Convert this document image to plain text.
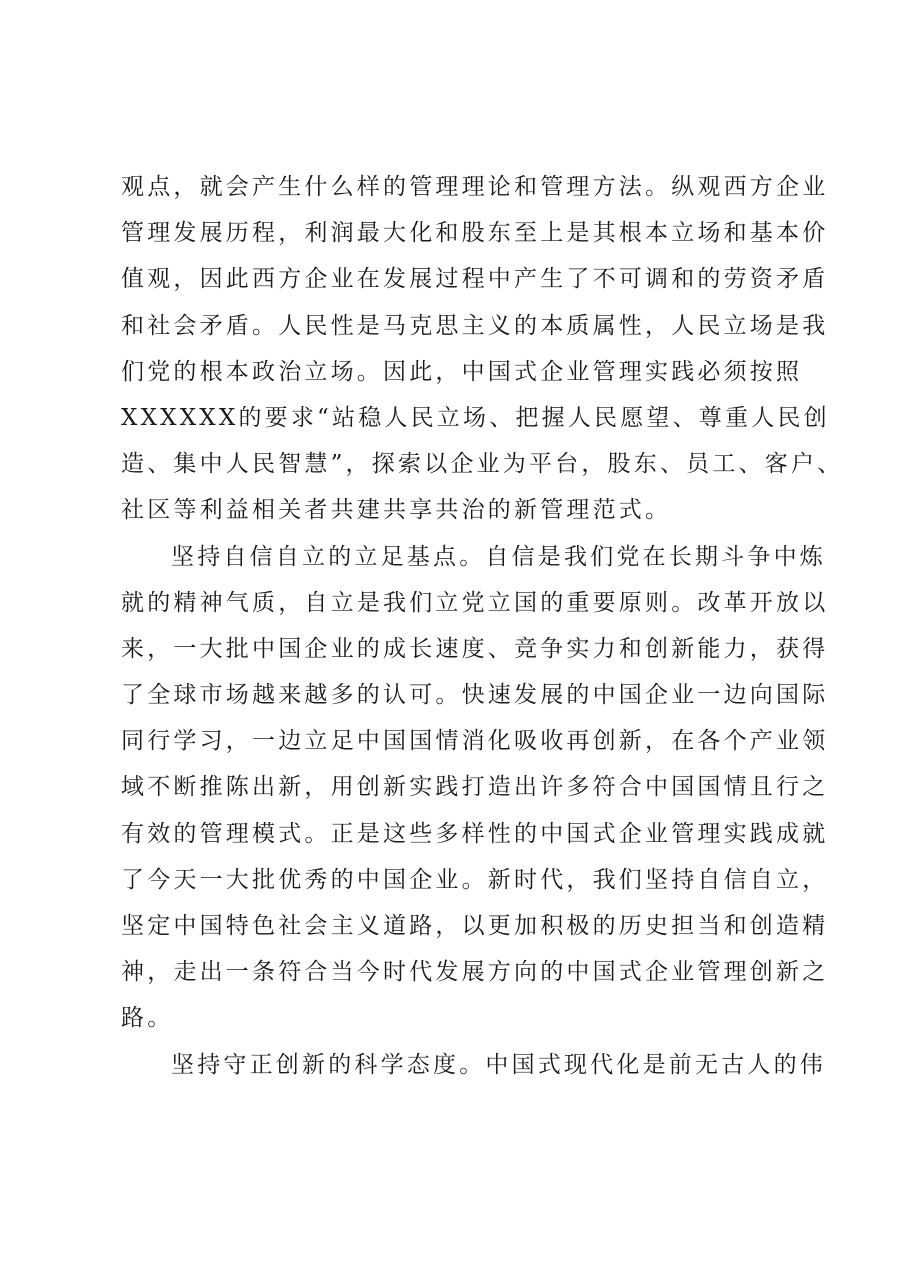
观点，就会产生什么样的管理理论和管理方法。纵观西方企业
管理发展历程，利润最大化和股东至上是其根本立场和基本价
值观，因此西方企业在发展过程中产生了不可调和的劳资矛盾
和社会矛盾。人民性是马克思主义的本质属性，人民立场是我
们党的根本政治立场。因此，中国式企业管理实践必须按照
XXXXXX的要求“站稳人民立场、把握人民愿望、尊重人民创
造、集中人民智慧”，探索以企业为平台，股东、员工、客户、
社区等利益相关者共建共享共治的新管理范式。
坚持自信自立的立足基点。自信是我们党在长期斗争中炼
就的精神气质，自立是我们立党立国的重要原则。改革开放以
来，一大批中国企业的成长速度、竞争实力和创新能力，获得
了全球市场越来越多的认可。快速发展的中国企业一边向国际
同行学习，一边立足中国国情消化吸收再创新，在各个产业领
域不断推陈出新，用创新实践打造出许多符合中国国情且行之
有效的管理模式。正是这些多样性的中国式企业管理实践成就
了今天一大批优秀的中国企业。新时代，我们坚持自信自立，
坚定中国特色社会主义道路，以更加积极的历史担当和创造精
神，走出一条符合当今时代发展方向的中国式企业管理创新之
路。
坚持守正创新的科学态度。中国式现代化是前无古人的伟
